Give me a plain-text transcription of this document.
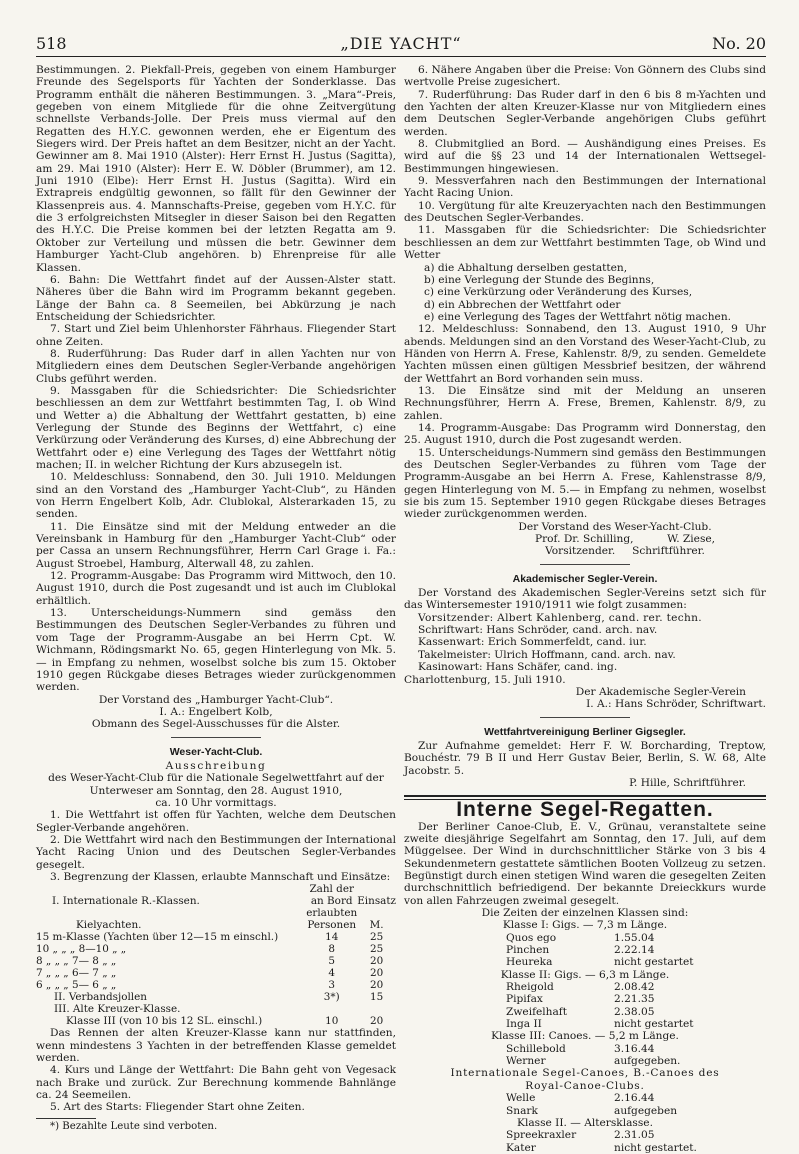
518	„DIE YACHT“	No. 20

Bestimmungen. 2. Piekfall-Preis, gegeben von einem Hamburger Freunde des Segelsports für Yachten der Sonderklasse. Das Programm enthält die näheren Bestimmungen. 3. „Mara“-Preis, gegeben von einem Mitgliede für die ohne Zeitvergütung schnellste Verbands-Jolle. Der Preis muss viermal auf den Regatten des H.Y.C. gewonnen werden, ehe er Eigentum des Siegers wird. Der Preis haftet an dem Besitzer, nicht an der Yacht. Gewinner am 8. Mai 1910 (Alster): Herr Ernst H. Justus (Sagitta), am 29. Mai 1910 (Alster): Herr E. W. Döbler (Brummer), am 12. Juni 1910 (Elbe): Herr Ernst H. Justus (Sagitta). Wird ein Extrapreis endgültig gewonnen, so fällt für den Gewinner der Klassenpreis aus. 4. Mannschafts-Preise, gegeben vom H.Y.C. für die 3 erfolgreichsten Mitsegler in dieser Saison bei den Regatten des H.Y.C. Die Preise kommen bei der letzten Regatta am 9. Oktober zur Verteilung und müssen die betr. Gewinner dem Hamburger Yacht-Club angehören. b) Ehrenpreise für alle Klassen.

6. Bahn: Die Wettfahrt findet auf der Aussen-Alster statt. Näheres über die Bahn wird im Programm bekannt gegeben. Länge der Bahn ca. 8 Seemeilen, bei Abkürzung je nach Entscheidung der Schiedsrichter.

7. Start und Ziel beim Uhlenhorster Fährhaus. Fliegender Start ohne Zeiten.

8. Ruderführung: Das Ruder darf in allen Yachten nur von Mitgliedern eines dem Deutschen Segler-Verbande angehörigen Clubs geführt werden.

9. Massgaben für die Schiedsrichter: Die Schiedsrichter beschliessen an dem zur Wettfahrt bestimmten Tag, I. ob Wind und Wetter a) die Abhaltung der Wettfahrt gestatten, b) eine Verlegung der Stunde des Beginns der Wettfahrt, c) eine Verkürzung oder Veränderung des Kurses, d) eine Abbrechung der Wettfahrt oder e) eine Verlegung des Tages der Wettfahrt nötig machen; II. in welcher Richtung der Kurs abzusegeln ist.

10. Meldeschluss: Sonnabend, den 30. Juli 1910. Meldungen sind an den Vorstand des „Hamburger Yacht-Club“, zu Händen von Herrn Engelbert Kolb, Adr. Clublokal, Alsterarkaden 15, zu senden.

11. Die Einsätze sind mit der Meldung entweder an die Vereinsbank in Hamburg für den „Hamburger Yacht-Club“ oder per Cassa an unsern Rechnungsführer, Herrn Carl Grage i. Fa.: August Stroebel, Hamburg, Alterwall 48, zu zahlen.

12. Programm-Ausgabe: Das Programm wird Mittwoch, den 10. August 1910, durch die Post zugesandt und ist auch im Clublokal erhältlich.

13. Unterscheidungs-Nummern sind gemäss den Bestimmungen des Deutschen Segler-Verbandes zu führen und vom Tage der Programm-Ausgabe an bei Herrn Cpt. W. Wichmann, Rödingsmarkt No. 65, gegen Hinterlegung von Mk. 5.— in Empfang zu nehmen, woselbst solche bis zum 15. Oktober 1910 gegen Rückgabe dieses Betrages wieder zurückgenommen werden.

Der Vorstand des „Hamburger Yacht-Club“.

I. A.: Engelbert Kolb,

Obmann des Segel-Ausschusses für die Alster.

Weser-Yacht-Club.

Ausschreibung

des Weser-Yacht-Club für die Nationale Segelwettfahrt auf der Unterweser am Sonntag, den 28. August 1910,

ca. 10 Uhr vormittags.

1. Die Wettfahrt ist offen für Yachten, welche dem Deutschen Segler-Verbande angehören.

2. Die Wettfahrt wird nach den Bestimmungen der International Yacht Racing Union und des Deutschen Segler-Verbandes gesegelt.

3. Begrenzung der Klassen, erlaubte Mannschaft und Einsätze:

	Zahl der	
I. Internationale R.-Klassen.	an Bord	Einsatz
	erlaubten	
Kielyachten.	Personen	M.
15 m-Klasse (Yachten über 12—15 m einschl.)	14	25
10 „ „ „ 8—10 „ „	8	25
8 „ „ „ 7— 8 „ „	5	20
7 „ „ „ 6— 7 „ „	4	20
6 „ „ „ 5— 6 „ „	3	20
II. Verbandsjollen	3*)	15
III. Alte Kreuzer-Klasse.		
Klasse III (von 10 bis 12 SL. einschl.)	10	20

Das Rennen der alten Kreuzer-Klasse kann nur stattfinden, wenn mindestens 3 Yachten in der betreffenden Klasse gemeldet werden.

4. Kurs und Länge der Wettfahrt: Die Bahn geht von Vegesack nach Brake und zurück. Zur Berechnung kommende Bahnlänge ca. 24 Seemeilen.

5. Art des Starts: Fliegender Start ohne Zeiten.

*) Bezahlte Leute sind verboten.

6. Nähere Angaben über die Preise: Von Gönnern des Clubs sind wertvolle Preise zugesichert.

7. Ruderführung: Das Ruder darf in den 6 bis 8 m-Yachten und den Yachten der alten Kreuzer-Klasse nur von Mitgliedern eines dem Deutschen Segler-Verbande angehörigen Clubs geführt werden.

8. Clubmitglied an Bord. — Aushändigung eines Preises. Es wird auf die §§ 23 und 14 der Internationalen Wettsegel-Bestimmungen hingewiesen.

9. Messverfahren nach den Bestimmungen der International Yacht Racing Union.

10. Vergütung für alte Kreuzeryachten nach den Bestimmungen des Deutschen Segler-Verbandes.

11. Massgaben für die Schiedsrichter: Die Schiedsrichter beschliessen an dem zur Wettfahrt bestimmten Tage, ob Wind und Wetter

a) die Abhaltung derselben gestatten,

b) eine Verlegung der Stunde des Beginns,

c) eine Verkürzung oder Veränderung des Kurses,

d) ein Abbrechen der Wettfahrt oder

e) eine Verlegung des Tages der Wettfahrt nötig machen.

12. Meldeschluss: Sonnabend, den 13. August 1910, 9 Uhr abends. Meldungen sind an den Vorstand des Weser-Yacht-Club, zu Händen von Herrn A. Frese, Kahlenstr. 8/9, zu senden. Gemeldete Yachten müssen einen gültigen Messbrief besitzen, der während der Wettfahrt an Bord vorhanden sein muss.

13. Die Einsätze sind mit der Meldung an unseren Rechnungsführer, Herrn A. Frese, Bremen, Kahlenstr. 8/9, zu zahlen.

14. Programm-Ausgabe: Das Programm wird Donnerstag, den 25. August 1910, durch die Post zugesandt werden.

15. Unterscheidungs-Nummern sind gemäss den Bestimmungen des Deutschen Segler-Verbandes zu führen vom Tage der Programm-Ausgabe an bei Herrn A. Frese, Kahlenstrasse 8/9, gegen Hinterlegung von M. 5.— in Empfang zu nehmen, woselbst sie bis zum 15. September 1910 gegen Rückgabe dieses Betrages wieder zurückgenommen werden.

Der Vorstand des Weser-Yacht-Club.

Prof. Dr. Schilling,          W. Ziese,

Vorsitzender.     Schriftführer.

Akademischer Segler-Verein.

Der Vorstand des Akademischen Segler-Vereins setzt sich für das Wintersemester 1910/1911 wie folgt zusammen:

Vorsitzender: Albert Kahlenberg, cand. rer. techn.

Schriftwart: Hans Schröder, cand. arch. nav.

Kassenwart: Erich Sommerfeldt, cand. iur.

Takelmeister: Ulrich Hoffmann, cand. arch. nav.

Kasinowart: Hans Schäfer, cand. ing.

Charlottenburg, 15. Juli 1910.

Der Akademische Segler-Verein

I. A.: Hans Schröder, Schriftwart.

Wettfahrtvereinigung Berliner Gigsegler.

Zur Aufnahme gemeldet: Herr F. W. Borcharding, Treptow, Bouchéstr. 79 B II und Herr Gustav Beier, Berlin, S. W. 68, Alte Jacobstr. 5.

P. Hille, Schriftführer.

Interne Segel-Regatten.

Der Berliner Canoe-Club, E. V., Grünau, veranstaltete seine zweite diesjährige Segelfahrt am Sonntag, den 17. Juli, auf dem Müggelsee. Der Wind in durchschnittlicher Stärke von 3 bis 4 Sekundenmetern gestattete sämtlichen Booten Vollzeug zu setzen. Begünstigt durch einen stetigen Wind waren die gesegelten Zeiten durchschnittlich befriedigend. Der bekannte Dreieckkurs wurde von allen Fahrzeugen zweimal gesegelt.

Die Zeiten der einzelnen Klassen sind:

Klasse I: Gigs. — 7,3 m Länge.
Quos ego	1.55.04
Pinchen	2.22.14
Heureka	nicht gestartet
Klasse II: Gigs. — 6,3 m Länge.
Rheigold	2.08.42
Pipifax	2.21.35
Zweifelhaft	2.38.05
Inga II	nicht gestartet
Klasse III: Canoes. — 5,2 m Länge.
Schillebold	3.16.44
Werner	aufgegeben.
Internationale Segel-Canoes, B.-Canoes des
Royal-Canoe-Clubs.
Welle	2.16.44
Snark	aufgegeben
Klasse II. — Altersklasse.
Spreekraxler	2.31.05
Kater	nicht gestartet.
